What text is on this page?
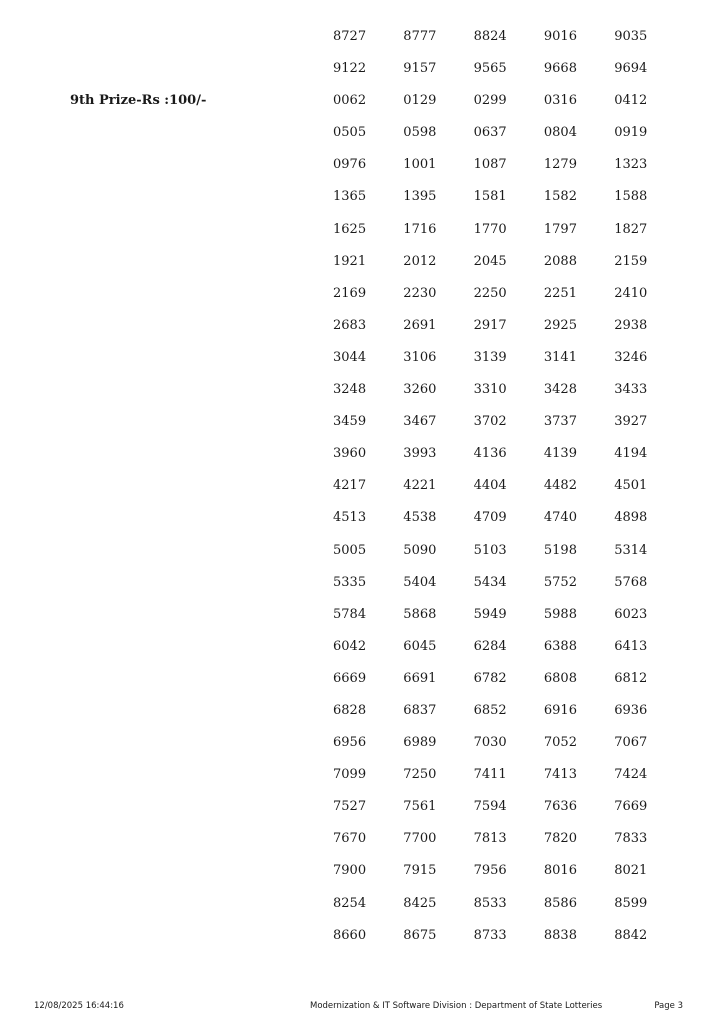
9th Prize-Rs :100/-
8727	8777	8824	9016	9035
9122	9157	9565	9668	9694
0062	0129	0299	0316	0412
0505	0598	0637	0804	0919
0976	1001	1087	1279	1323
1365	1395	1581	1582	1588
1625	1716	1770	1797	1827
1921	2012	2045	2088	2159
2169	2230	2250	2251	2410
2683	2691	2917	2925	2938
3044	3106	3139	3141	3246
3248	3260	3310	3428	3433
3459	3467	3702	3737	3927
3960	3993	4136	4139	4194
4217	4221	4404	4482	4501
4513	4538	4709	4740	4898
5005	5090	5103	5198	5314
5335	5404	5434	5752	5768
5784	5868	5949	5988	6023
6042	6045	6284	6388	6413
6669	6691	6782	6808	6812
6828	6837	6852	6916	6936
6956	6989	7030	7052	7067
7099	7250	7411	7413	7424
7527	7561	7594	7636	7669
7670	7700	7813	7820	7833
7900	7915	7956	8016	8021
8254	8425	8533	8586	8599
8660	8675	8733	8838	8842
12/08/2025 16:44:16	Modernization & IT Software Division : Department of State Lotteries	Page 3
